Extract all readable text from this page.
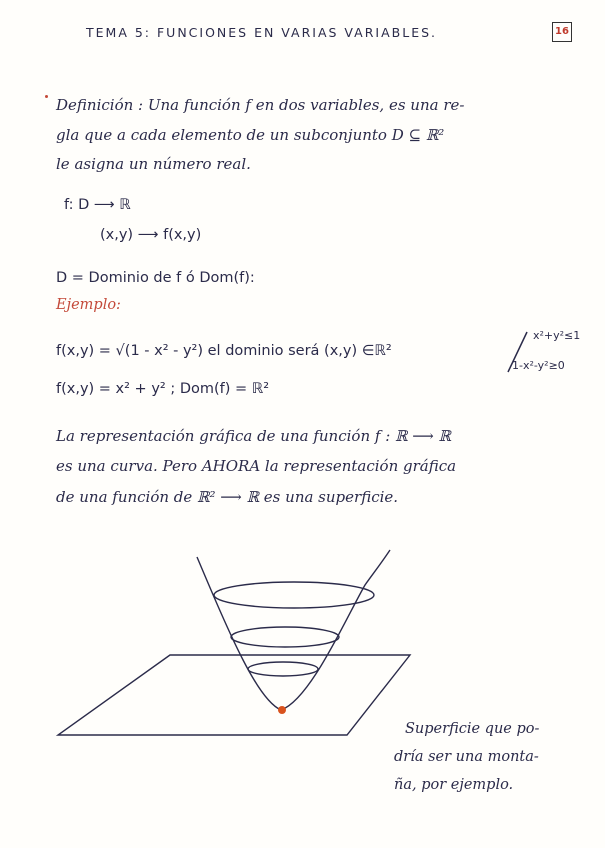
TEMA 5: FUNCIONES EN VARIAS VARIABLES.	16
Definición : Una función f en dos variables, es una re-
gla que a cada elemento de un subconjunto D ⊆ ℝ²
le asigna un número real.
f: D ⟶ ℝ
(x,y) ⟶ f(x,y)
D = Dominio de f ó Dom(f):
Ejemplo:
f(x,y) = √(1 - x² - y²) el dominio será (x,y) ∈ℝ²
x²+y²≤1
1-x²-y²≥0
f(x,y) = x² + y² ; Dom(f) = ℝ²
La representación gráfica de una función f : ℝ ⟶ ℝ
es una curva. Pero AHORA la representación gráfica
de una función de ℝ² ⟶ ℝ es una superficie.
Superficie que po-
dría ser una monta-
ña, por ejemplo.
